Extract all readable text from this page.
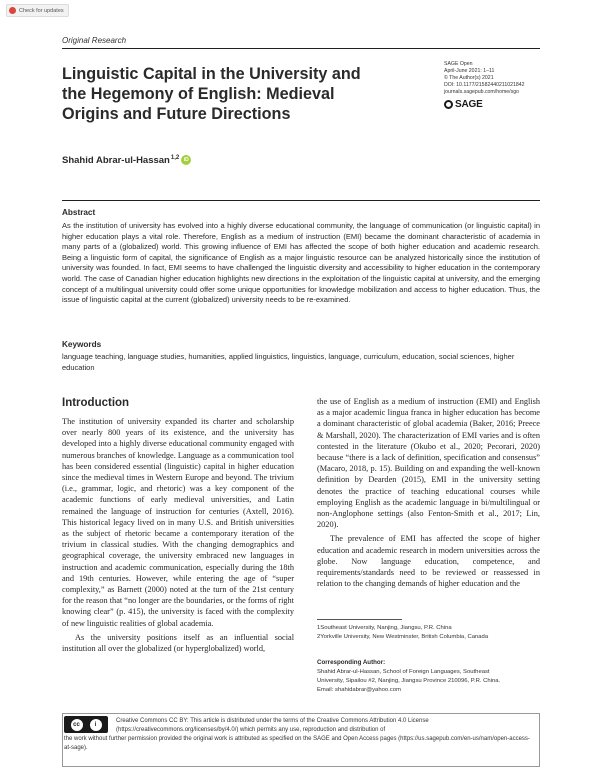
Check for updates
Original Research
Linguistic Capital in the University and
the Hegemony of English: Medieval
Origins and Future Directions
SAGE Open
April-June 2021: 1–11
© The Author(s) 2021
DOI: 10.1177/21582440211021842
journals.sagepub.com/home/sgo
SAGE
Shahid Abrar-ul-Hassan$^{1,2}$ iD
Abstract
As the institution of university has evolved into a highly diverse educational community, the language of communication (or linguistic capital) in higher education plays a vital role. Therefore, English as a medium of instruction (EMI) became the dominant characteristic of academia in many parts of a (globalized) world. This growing influence of EMI has affected the scope of both higher education and academic research. Being a linguistic form of capital, the significance of English as a major linguistic resource can be analyzed historically since the institution of university was founded. In fact, EMI seems to have challenged the linguistic diversity and accessibility to higher education in the contemporary world. The case of Canadian higher education highlights new directions in the exploitation of the linguistic capital at university, and the emerging concept of a multilingual university could offer some unique opportunities for knowledge mobilization and access to higher education. Thus, the issue of linguistic capital at the current (globalized) university needs to be re-examined.
Keywords
language teaching, language studies, humanities, applied linguistics, linguistics, language, curriculum, education, social sciences, higher education
Introduction

The institution of university expanded its charter and scholarship over nearly 800 years of its existence, and the university has developed into a highly diverse educational community engaged with numerous branches of knowledge. Language as a communication tool has been considered essential (linguistic) capital in higher education since the medieval times in Western Europe and beyond. The trivium (i.e., grammar, logic, and rhetoric) was a key component of the academic functions of early medieval universities, and Latin remained the language of instruction for centuries (Axtell, 2016). This historical legacy lived on in many U.S. and British universities as the subject of rhetoric became a contemporary iteration of the trivium in classical studies. With the changing demographics and geographical coverage, the university embraced new languages in instruction and academic communication, especially during the 18th and 19th centuries. However, while entering the age of “super complexity,” as Barnett (2000) noted at the turn of the 21st century for the reason that “no longer are the boundaries, or the forms of right knowing clear” (p. 415), the university is faced with the complexity of new linguistic realities of global academia.

As the university positions itself as an influential social institution all over the globalized (or hyperglobalized) world,

the use of English as a medium of instruction (EMI) and English as a major academic lingua franca in higher education has become a dominant characteristic of global academia (Baker, 2016; Preece & Marshall, 2020). The characterization of EMI varies and is often contested in the literature (Okubo et al., 2020; Pecorari, 2020) because “there is a lack of definition, specification and consensus” (Macaro, 2018, p. 15). Building on and expanding the well-known definition by Dearden (2015), EMI in the university setting denotes the practice of teaching educational courses while employing English as the academic language in bi/multilingual or non-Anglophone settings (also Fenton-Smith et al., 2017; Lin, 2020).

The prevalence of EMI has affected the scope of higher education and academic research in modern universities across the globe. Now language education, competence, and requirements/standards need to be reviewed or reassessed in relation to the changing demands of higher education and the

1Southeast University, Nanjing, Jiangsu, P.R. China
2Yorkville University, New Westminster, British Columbia, Canada
Corresponding Author:
Shahid Abrar-ul-Hassan, School of Foreign Languages, Southeast
University, Sipailou #2, Nanjing, Jiangsu Province 210096, P.R. China.
Email: shahidabrar@yahoo.com
cc	i
Creative Commons CC BY: This article is distributed under the terms of the Creative Commons Attribution 4.0 License (https://creativecommons.org/licenses/by/4.0/) which permits any use, reproduction and distribution of
the work without further permission provided the original work is attributed as specified on the SAGE and Open Access pages (https://us.sagepub.com/en-us/nam/open-access-at-sage).
